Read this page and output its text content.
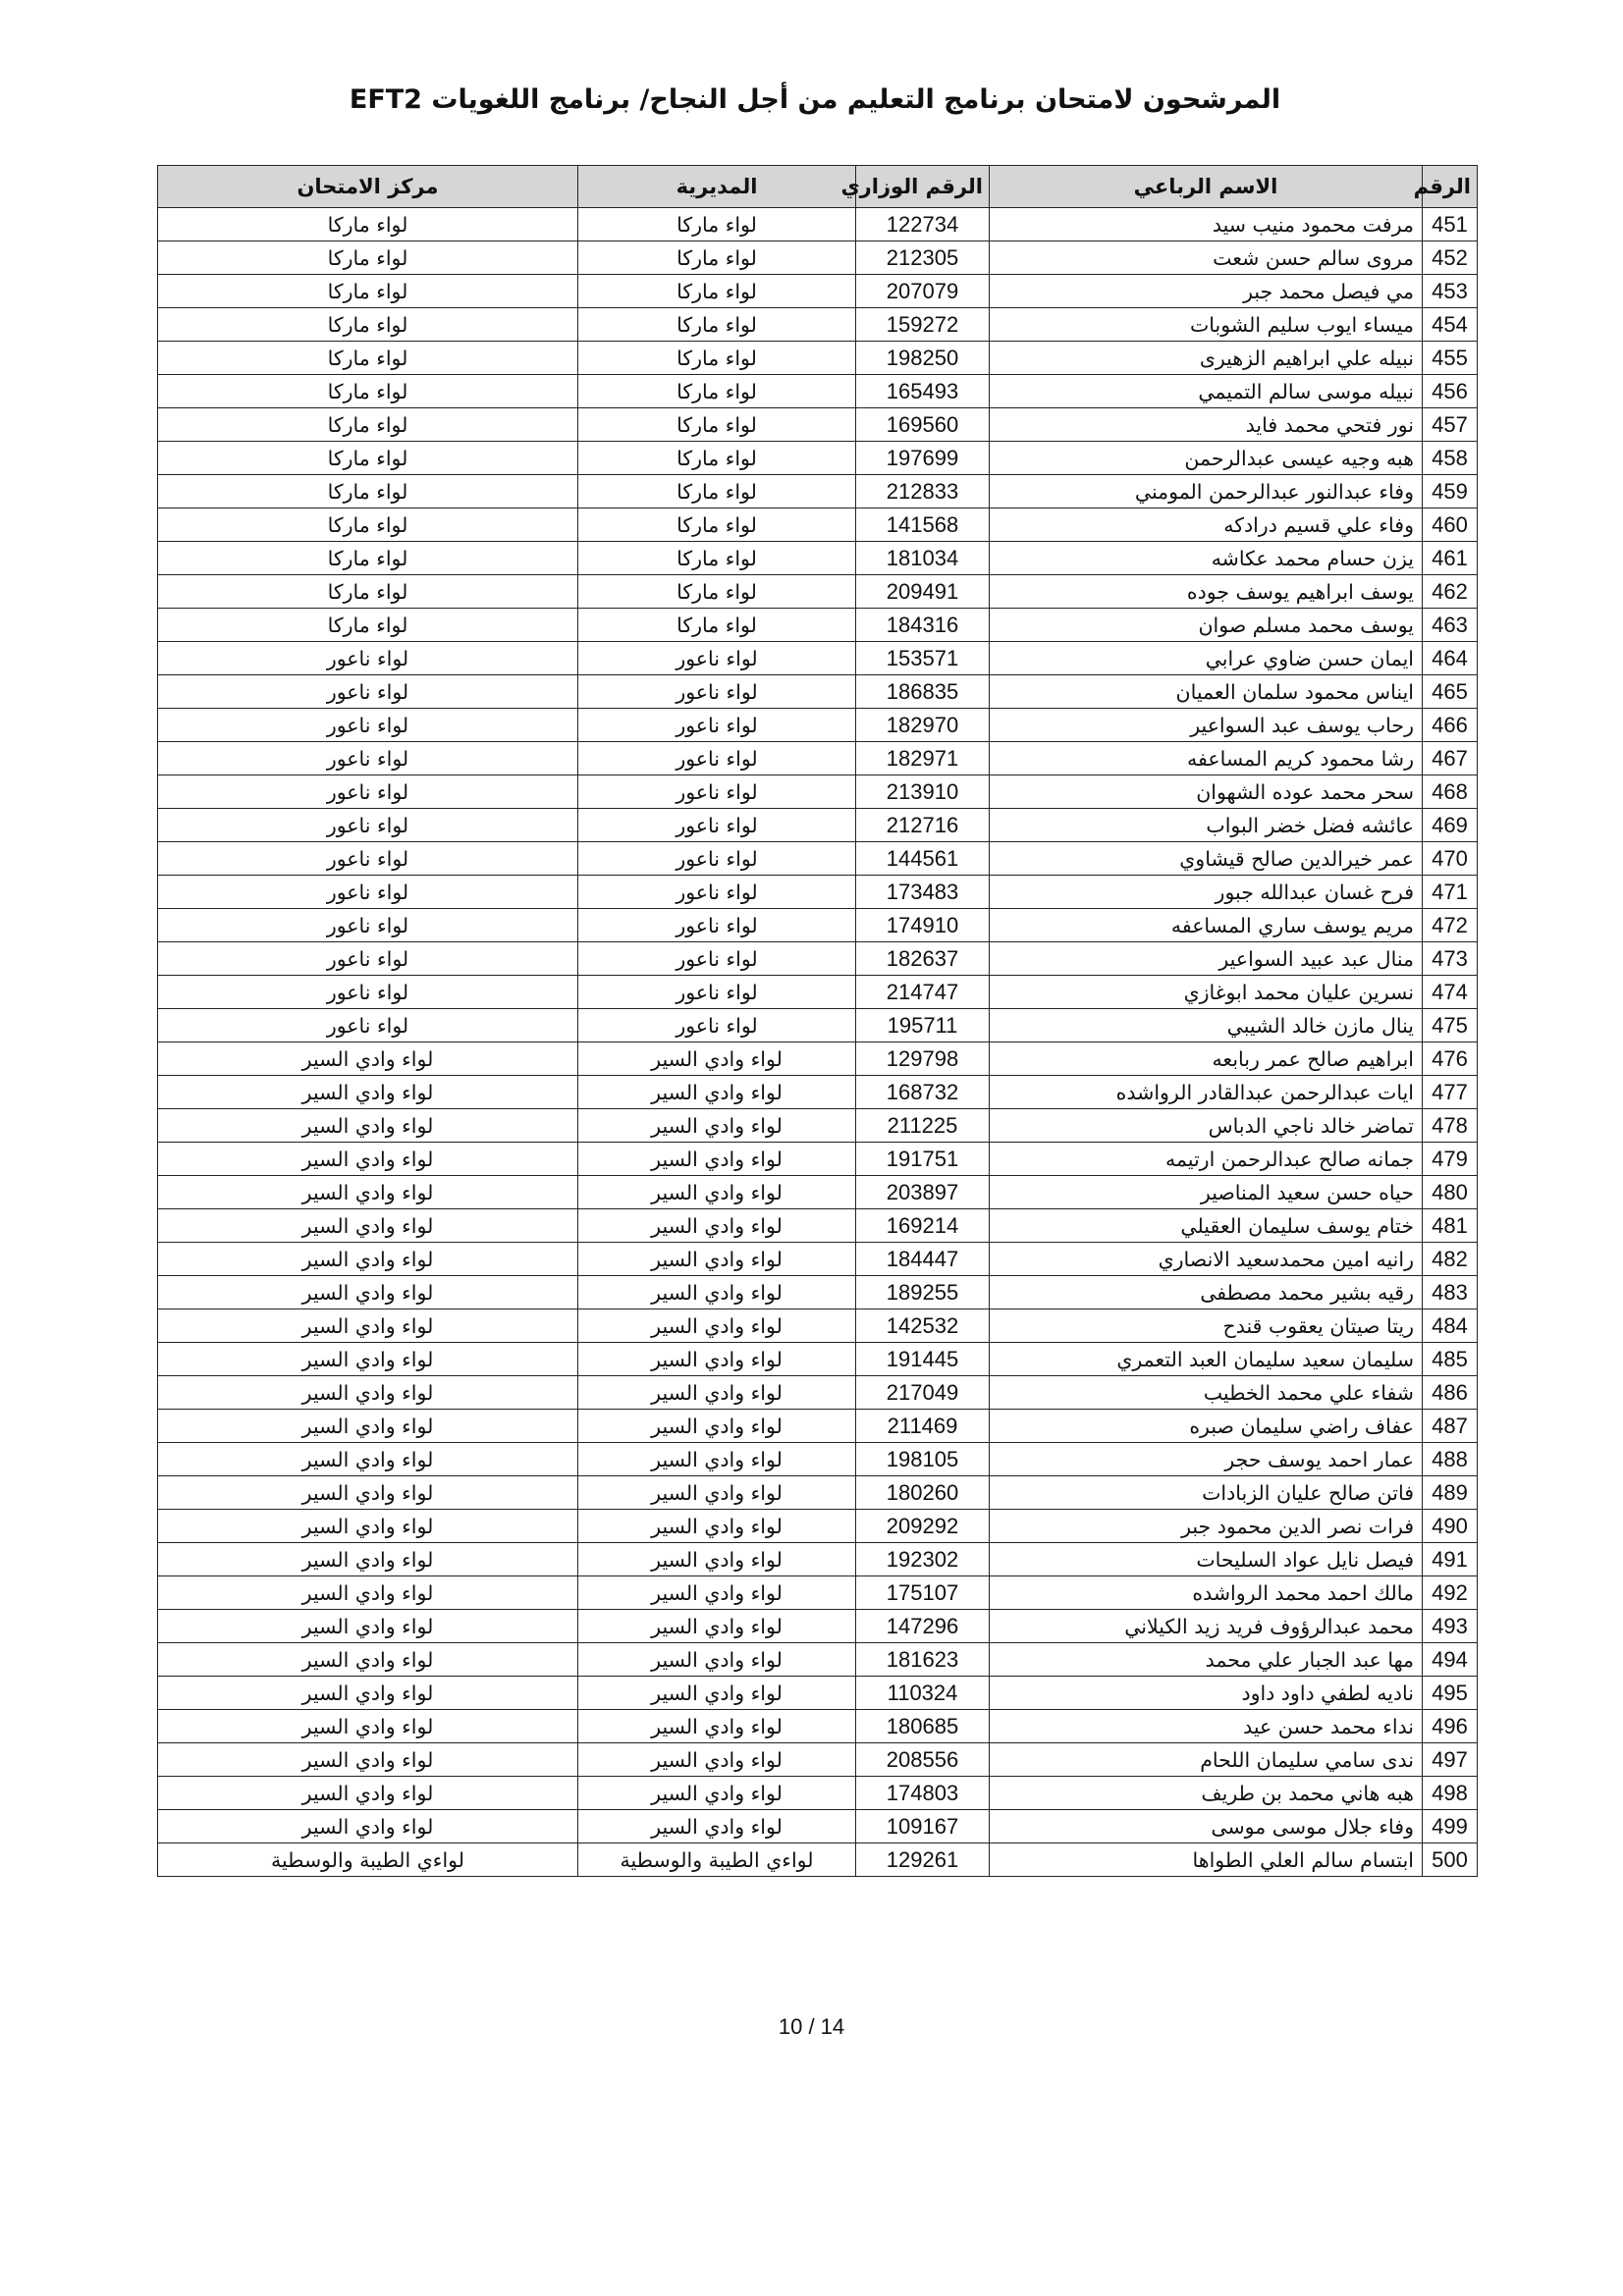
المرشحون لامتحان برنامج التعليم من أجل النجاح/ برنامج اللغويات EFT2
الرقم	الاسم الرباعي	الرقم الوزاري	المديرية	مركز الامتحان
451	مرفت محمود منيب سيد	122734	لواء ماركا	لواء ماركا
452	مروى سالم حسن شعت	212305	لواء ماركا	لواء ماركا
453	مي فيصل محمد جبر	207079	لواء ماركا	لواء ماركا
454	ميساء ايوب سليم الشوبات	159272	لواء ماركا	لواء ماركا
455	نبيله علي ابراهيم الزهيرى	198250	لواء ماركا	لواء ماركا
456	نبيله موسى سالم التميمي	165493	لواء ماركا	لواء ماركا
457	نور فتحي محمد فايد	169560	لواء ماركا	لواء ماركا
458	هبه وجيه عيسى عبدالرحمن	197699	لواء ماركا	لواء ماركا
459	وفاء عبدالنور عبدالرحمن المومني	212833	لواء ماركا	لواء ماركا
460	وفاء علي قسيم درادكه	141568	لواء ماركا	لواء ماركا
461	يزن حسام محمد عكاشه	181034	لواء ماركا	لواء ماركا
462	يوسف ابراهيم يوسف جوده	209491	لواء ماركا	لواء ماركا
463	يوسف محمد مسلم صوان	184316	لواء ماركا	لواء ماركا
464	ايمان حسن ضاوي عرابي	153571	لواء ناعور	لواء ناعور
465	ايناس محمود سلمان العميان	186835	لواء ناعور	لواء ناعور
466	رحاب يوسف عبد السواعير	182970	لواء ناعور	لواء ناعور
467	رشا محمود كريم المساعفه	182971	لواء ناعور	لواء ناعور
468	سحر محمد عوده الشهوان	213910	لواء ناعور	لواء ناعور
469	عائشه فضل خضر البواب	212716	لواء ناعور	لواء ناعور
470	عمر خيرالدين صالح قيشاوي	144561	لواء ناعور	لواء ناعور
471	فرح غسان عبدالله جبور	173483	لواء ناعور	لواء ناعور
472	مريم يوسف ساري المساعفه	174910	لواء ناعور	لواء ناعور
473	منال عبد عبيد السواعير	182637	لواء ناعور	لواء ناعور
474	نسرين عليان محمد ابوغازي	214747	لواء ناعور	لواء ناعور
475	ينال مازن خالد الشيبي	195711	لواء ناعور	لواء ناعور
476	ابراهيم صالح عمر ربابعه	129798	لواء وادي السير	لواء وادي السير
477	ايات عبدالرحمن عبدالقادر الرواشده	168732	لواء وادي السير	لواء وادي السير
478	تماضر خالد ناجي الدباس	211225	لواء وادي السير	لواء وادي السير
479	جمانه صالح عبدالرحمن ارتيمه	191751	لواء وادي السير	لواء وادي السير
480	حياه حسن سعيد المناصير	203897	لواء وادي السير	لواء وادي السير
481	ختام يوسف سليمان العقيلي	169214	لواء وادي السير	لواء وادي السير
482	رانيه امين محمدسعيد الانصاري	184447	لواء وادي السير	لواء وادي السير
483	رقيه بشير محمد مصطفى	189255	لواء وادي السير	لواء وادي السير
484	ريتا صيتان يعقوب قندح	142532	لواء وادي السير	لواء وادي السير
485	سليمان سعيد سليمان العبد التعمري	191445	لواء وادي السير	لواء وادي السير
486	شفاء علي محمد الخطيب	217049	لواء وادي السير	لواء وادي السير
487	عفاف راضي سليمان صبره	211469	لواء وادي السير	لواء وادي السير
488	عمار احمد يوسف حجر	198105	لواء وادي السير	لواء وادي السير
489	فاتن صالح عليان الزبادات	180260	لواء وادي السير	لواء وادي السير
490	فرات نصر الدين محمود جبر	209292	لواء وادي السير	لواء وادي السير
491	فيصل نايل عواد السليحات	192302	لواء وادي السير	لواء وادي السير
492	مالك احمد محمد الرواشده	175107	لواء وادي السير	لواء وادي السير
493	محمد عبدالرؤوف فريد زيد الكيلاني	147296	لواء وادي السير	لواء وادي السير
494	مها عبد الجبار علي محمد	181623	لواء وادي السير	لواء وادي السير
495	ناديه لطفي داود داود	110324	لواء وادي السير	لواء وادي السير
496	نداء محمد حسن عيد	180685	لواء وادي السير	لواء وادي السير
497	ندى سامي سليمان اللحام	208556	لواء وادي السير	لواء وادي السير
498	هبه هاني محمد بن طريف	174803	لواء وادي السير	لواء وادي السير
499	وفاء جلال موسى موسى	109167	لواء وادي السير	لواء وادي السير
500	ابتسام سالم العلي الطواها	129261	لواءي الطيبة والوسطية	لواءي الطيبة والوسطية
10 / 14
